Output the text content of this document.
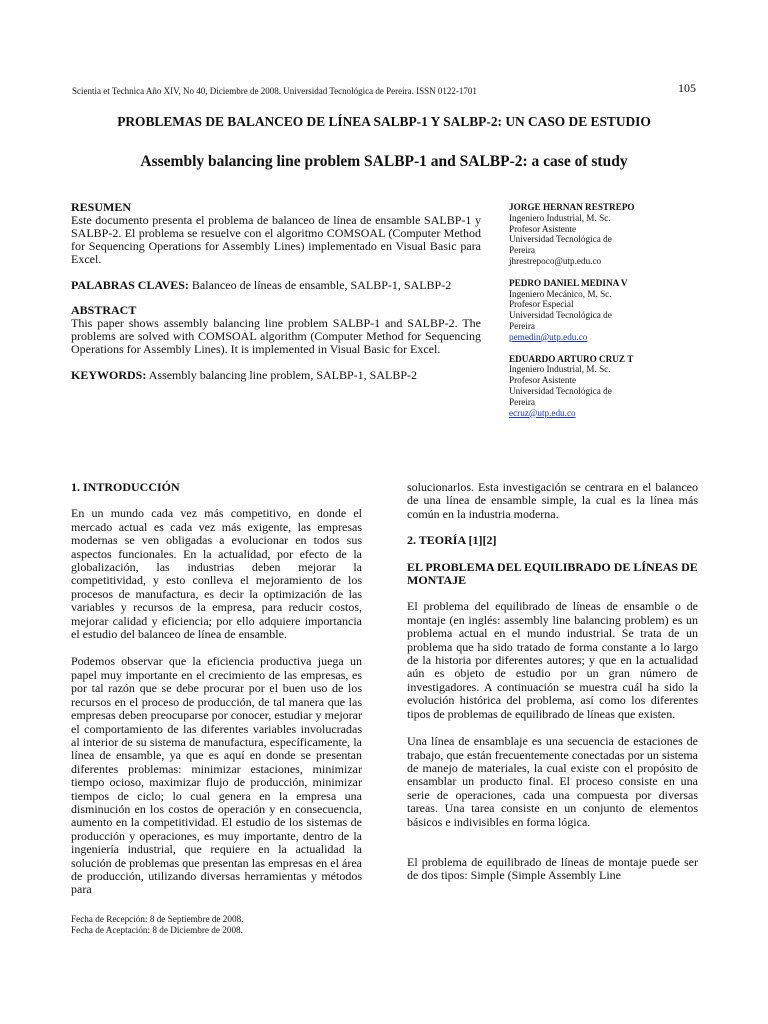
Scientia et Technica Año XIV, No 40, Diciembre de 2008. Universidad Tecnológica de Pereira. ISSN 0122-1701	105
PROBLEMAS DE BALANCEO DE LÍNEA SALBP-1 Y SALBP-2: UN CASO DE ESTUDIO
Assembly balancing line problem SALBP-1 and SALBP-2: a case of study
RESUMEN

Este documento presenta el problema de balanceo de línea de ensamble SALBP-1 y SALBP-2. El problema se resuelve con el algoritmo COMSOAL (Computer Method for Sequencing Operations for Assembly Lines) implementado en Visual Basic para Excel.

PALABRAS CLAVES: Balanceo de líneas de ensamble, SALBP-1, SALBP-2

ABSTRACT

This paper shows assembly balancing line problem SALBP-1 and SALBP-2. The problems are solved with COMSOAL algorithm (Computer Method for Sequencing Operations for Assembly Lines). It is implemented in Visual Basic for Excel.

KEYWORDS: Assembly balancing line problem, SALBP-1, SALBP-2

JORGE HERNAN RESTREPO
Ingeniero Industrial, M. Sc.
Profesor Asistente
Universidad Tecnológica de
Pereira
jhrestrepoco@utp.edu.co
PEDRO DANIEL MEDINA V
Ingeniero Mecánico, M. Sc.
Profesor Especial
Universidad Tecnológica de
Pereira
pemedin@utp.edu.co
EDUARDO ARTURO CRUZ T
Ingeniero Industrial, M. Sc.
Profesor Asistente
Universidad Tecnológica de
Pereira
ecruz@utp.edu.co
1. INTRODUCCIÓN

En un mundo cada vez más competitivo, en donde el mercado actual es cada vez más exigente, las empresas modernas se ven obligadas a evolucionar en todos sus aspectos funcionales. En la actualidad, por efecto de la globalización, las industrias deben mejorar la competitividad, y esto conlleva el mejoramiento de los procesos de manufactura, es decir la optimización de las variables y recursos de la empresa, para reducir costos, mejorar calidad y eficiencia; por ello adquiere importancia el estudio del balanceo de línea de ensamble.

Podemos observar que la eficiencia productiva juega un papel muy importante en el crecimiento de las empresas, es por tal razón que se debe procurar por el buen uso de los recursos en el proceso de producción, de tal manera que las empresas deben preocuparse por conocer, estudiar y mejorar el comportamiento de las diferentes variables involucradas al interior de su sistema de manufactura, específicamente, la línea de ensamble, ya que es aquí en donde se presentan diferentes problemas: minimizar estaciones, minimizar tiempo ocioso, maximizar flujo de producción, minimizar tiempos de ciclo; lo cual genera en la empresa una disminución en los costos de operación y en consecuencia, aumento en la competitividad. El estudio de los sistemas de producción y operaciones, es muy importante, dentro de la ingeniería industrial, que requiere en la actualidad la solución de problemas que presentan las empresas en el área de producción, utilizando diversas herramientas y métodos para

solucionarlos. Esta investigación se centrara en el balanceo de una línea de ensamble simple, la cual es la línea más común en la industria moderna.

2. TEORÍA [1][2]
EL PROBLEMA DEL EQUILIBRADO DE LÍNEAS DE MONTAJE

El problema del equilibrado de líneas de ensamble o de montaje (en inglés: assembly line balancing problem) es un problema actual en el mundo industrial. Se trata de un problema que ha sido tratado de forma constante a lo largo de la historia por diferentes autores; y que en la actualidad aún es objeto de estudio por un gran número de investigadores. A continuación se muestra cuál ha sido la evolución histórica del problema, así como los diferentes tipos de problemas de equilibrado de líneas que existen.

Una línea de ensamblaje es una secuencia de estaciones de trabajo, que están frecuentemente conectadas por un sistema de manejo de materiales, la cual existe con el propósito de ensamblar un producto final. El proceso consiste en una serie de operaciones, cada una compuesta por diversas tareas. Una tarea consiste en un conjunto de elementos básicos e indivisibles en forma lógica.

El problema de equilibrado de líneas de montaje puede ser de dos tipos: Simple (Simple Assembly Line

Fecha de Recepción: 8 de Septiembre de 2008.
Fecha de Aceptación: 8 de Diciembre de 2008.
